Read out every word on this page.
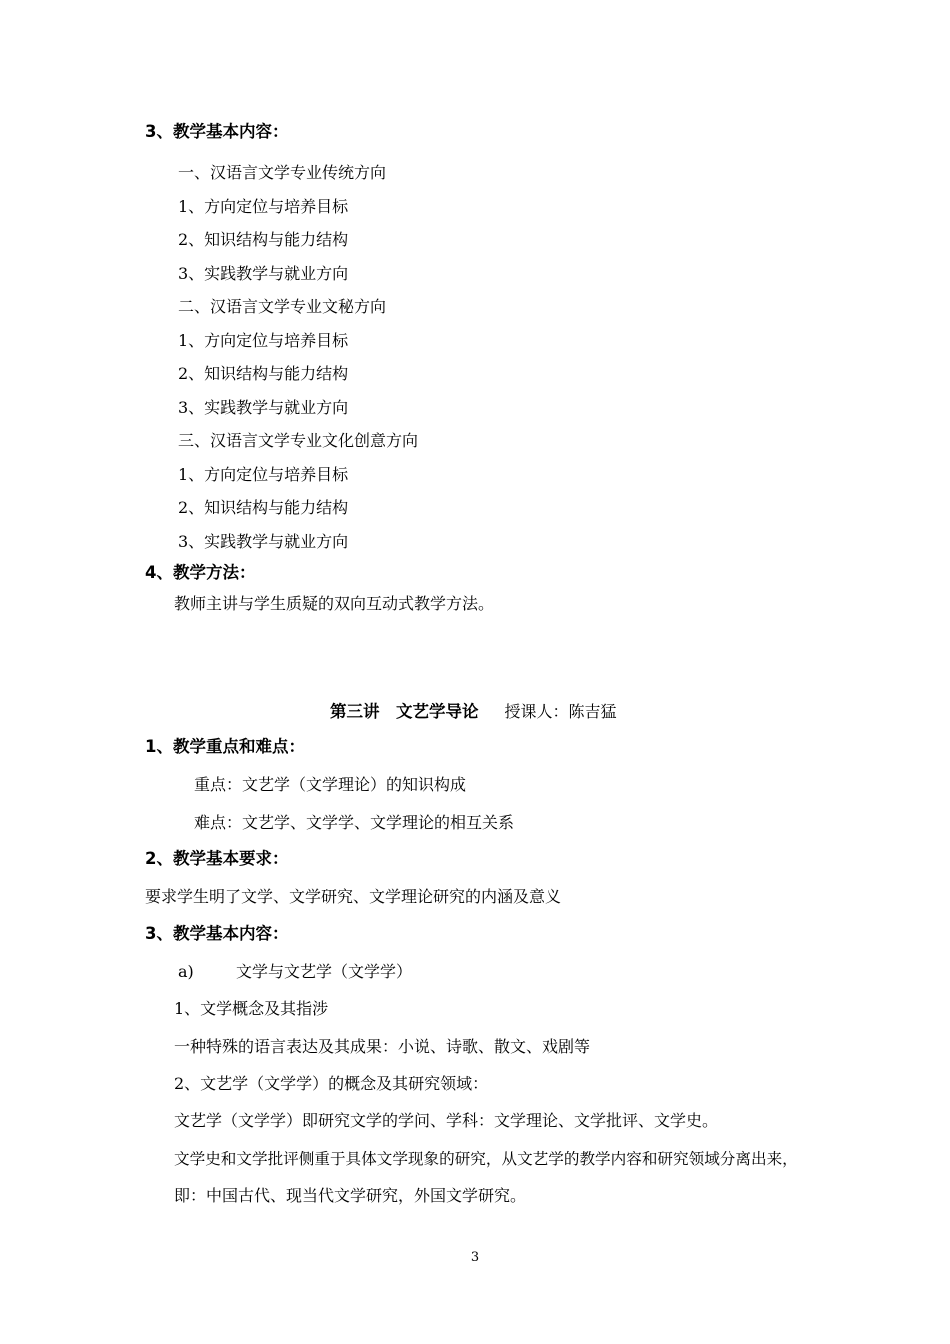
3、教学基本内容：
一、汉语言文学专业传统方向
1、方向定位与培养目标
2、知识结构与能力结构
3、实践教学与就业方向
二、汉语言文学专业文秘方向
1、方向定位与培养目标
2、知识结构与能力结构
3、实践教学与就业方向
三、汉语言文学专业文化创意方向
1、方向定位与培养目标
2、知识结构与能力结构
3、实践教学与就业方向
4、教学方法：
教师主讲与学生质疑的双向互动式教学方法。
第三讲　文艺学导论 授课人：陈吉猛
1、教学重点和难点：
重点：文艺学（文学理论）的知识构成
难点：文艺学、文学学、文学理论的相互关系
2、教学基本要求：
要求学生明了文学、文学研究、文学理论研究的内涵及意义
3、教学基本内容：
a)	文学与文艺学（文学学）
1、文学概念及其指涉
一种特殊的语言表达及其成果：小说、诗歌、散文、戏剧等
2、文艺学（文学学）的概念及其研究领域：
文艺学（文学学）即研究文学的学问、学科：文学理论、文学批评、文学史。
文学史和文学批评侧重于具体文学现象的研究，从文艺学的教学内容和研究领域分离出来，
即：中国古代、现当代文学研究，外国文学研究。
3
